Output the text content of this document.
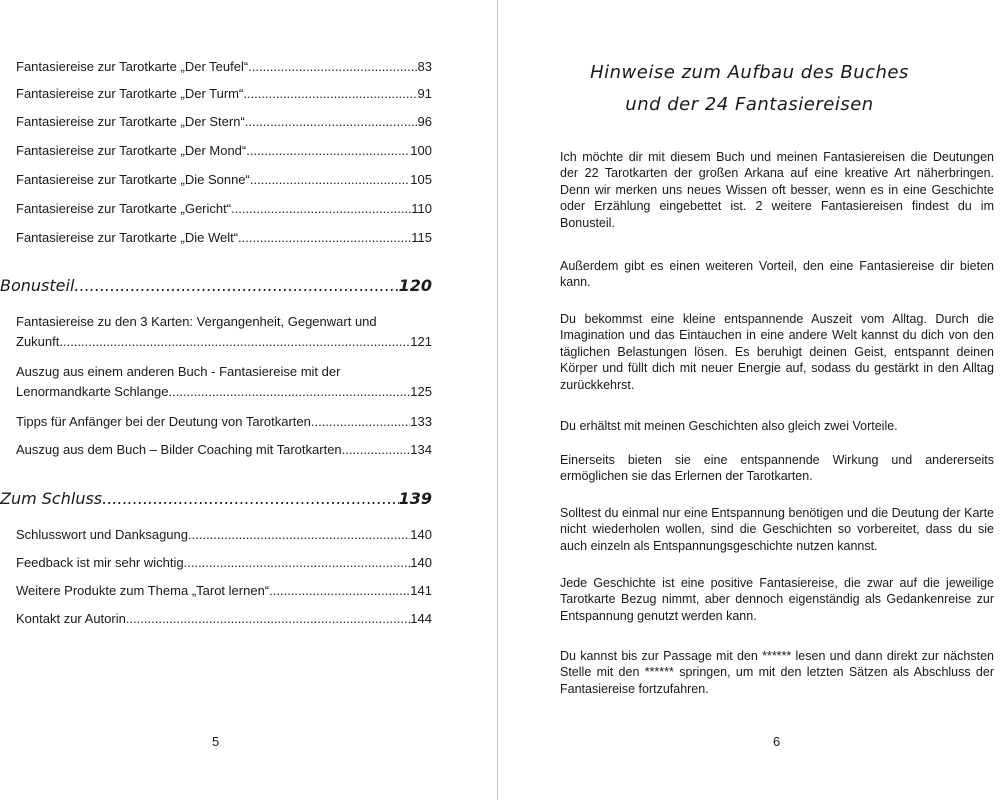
Fantasiereise zur Tarotkarte „Der Teufel“ .....	83
Fantasiereise zur Tarotkarte „Der Turm“ .....	91
Fantasiereise zur Tarotkarte „Der Stern“ .....	96
Fantasiereise zur Tarotkarte „Der Mond“ .....	100
Fantasiereise zur Tarotkarte „Die Sonne“ .....	105
Fantasiereise zur Tarotkarte „Gericht“ .....	110
Fantasiereise zur Tarotkarte „Die Welt“ .....	115
Bonusteil .....	120
Fantasiereise zu den 3 Karten: Vergangenheit, Gegenwart und
Zukunft .....	121
Auszug aus einem anderen Buch - Fantasiereise mit der
Lenormandkarte Schlange .....	125
Tipps für Anfänger bei der Deutung von Tarotkarten .....	133
Auszug aus dem Buch – Bilder Coaching mit Tarotkarten .....	134
Zum Schluss .....	139
Schlusswort und Danksagung .....	140
Feedback ist mir sehr wichtig .....	140
Weitere Produkte zum Thema „Tarot lernen“ .....	141
Kontakt zur Autorin .....	144
5
Hinweise zum Aufbau des Buches
und der 24 Fantasiereisen
Ich möchte dir mit diesem Buch und meinen Fantasiereisen die Deutungen der 22 Tarotkarten der großen Arkana auf eine kreative Art näherbringen. Denn wir merken uns neues Wissen oft besser, wenn es in eine Geschichte oder Erzählung eingebettet ist. 2 weitere Fantasiereisen findest du im Bonusteil.
Außerdem gibt es einen weiteren Vorteil, den eine Fantasiereise dir bieten kann.
Du bekommst eine kleine entspannende Auszeit vom Alltag. Durch die Imagination und das Eintauchen in eine andere Welt kannst du dich von den täglichen Belastungen lösen. Es beruhigt deinen Geist, entspannt deinen Körper und füllt dich mit neuer Energie auf, sodass du gestärkt in den Alltag zurückkehrst.
Du erhältst mit meinen Geschichten also gleich zwei Vorteile.
Einerseits bieten sie eine entspannende Wirkung und andererseits ermöglichen sie das Erlernen der Tarotkarten.
Solltest du einmal nur eine Entspannung benötigen und die Deutung der Karte nicht wiederholen wollen, sind die Geschichten so vorbereitet, dass du sie auch einzeln als Entspannungsgeschichte nutzen kannst.
Jede Geschichte ist eine positive Fantasiereise, die zwar auf die jeweilige Tarotkarte Bezug nimmt, aber dennoch eigenständig als Gedankenreise zur Entspannung genutzt werden kann.
Du kannst bis zur Passage mit den ****** lesen und dann direkt zur nächsten Stelle mit den ****** springen, um mit den letzten Sätzen als Abschluss der Fantasiereise fortzufahren.
6
